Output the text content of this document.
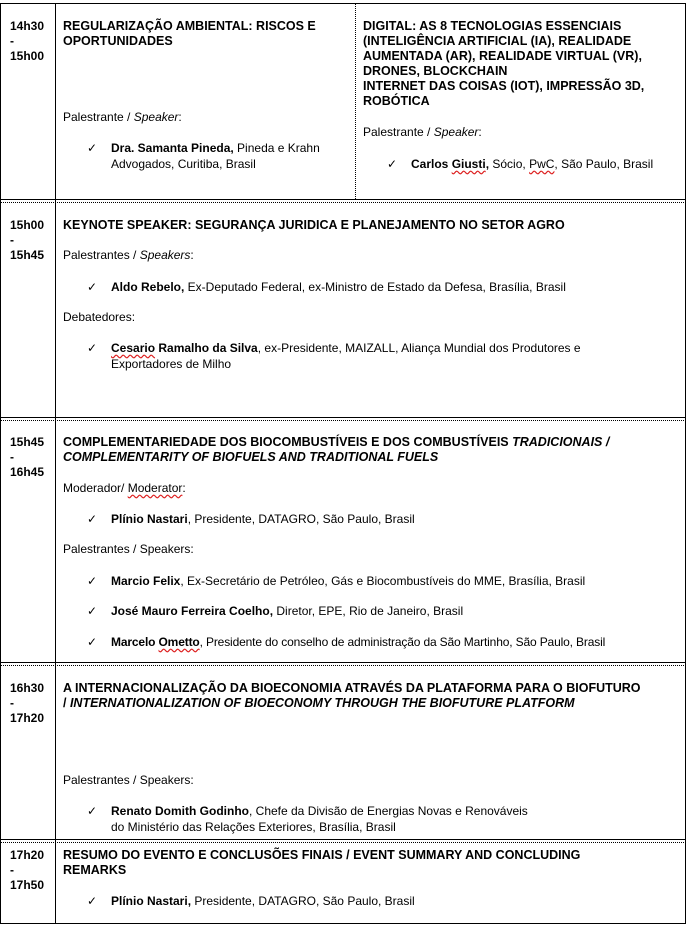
14h30
-
15h00
REGULARIZAÇÃO AMBIENTAL: RISCOS E OPORTUNIDADES
Palestrante / Speaker:
✓ Dra. Samanta Pineda, Pineda e Krahn Advogados, Curitiba, Brasil
DIGITAL: AS 8 TECNOLOGIAS ESSENCIAIS (INTELIGÊNCIA ARTIFICIAL (IA), REALIDADE AUMENTADA (AR), REALIDADE VIRTUAL (VR), DRONES, BLOCKCHAIN
INTERNET DAS COISAS (IOT), IMPRESSÃO 3D, ROBÓTICA
Palestrante / Speaker:
✓ Carlos Giusti, Sócio, PwC, São Paulo, Brasil
15h00
-
15h45
KEYNOTE SPEAKER: SEGURANÇA JURIDICA E PLANEJAMENTO NO SETOR AGRO
Palestrantes / Speakers:
✓ Aldo Rebelo, Ex-Deputado Federal, ex-Ministro de Estado da Defesa, Brasília, Brasil
Debatedores:
✓ Cesario Ramalho da Silva, ex-Presidente, MAIZALL, Aliança Mundial dos Produtores e Exportadores de Milho
15h45
-
16h45
COMPLEMENTARIEDADE DOS BIOCOMBUSTÍVEIS E DOS COMBUSTÍVEIS TRADICIONAIS / COMPLEMENTARITY OF BIOFUELS AND TRADITIONAL FUELS
Moderador/ Moderator:
✓ Plínio Nastari, Presidente, DATAGRO, São Paulo, Brasil
Palestrantes / Speakers:
✓ Marcio Felix, Ex-Secretário de Petróleo, Gás e Biocombustíveis do MME, Brasília, Brasil
✓ José Mauro Ferreira Coelho, Diretor, EPE, Rio de Janeiro, Brasil
✓ Marcelo Ometto, Presidente do conselho de administração da São Martinho, São Paulo, Brasil
16h30
-
17h20
A INTERNACIONALIZAÇÃO DA BIOECONOMIA ATRAVÉS DA PLATAFORMA PARA O BIOFUTURO / INTERNATIONALIZATION OF BIOECONOMY THROUGH THE BIOFUTURE PLATFORM
Palestrantes / Speakers:
✓ Renato Domith Godinho, Chefe da Divisão de Energias Novas e Renováveis
do Ministério das Relações Exteriores, Brasília, Brasil
17h20
-
17h50
RESUMO DO EVENTO E CONCLUSÕES FINAIS / EVENT SUMMARY AND CONCLUDING REMARKS
✓ Plínio Nastari, Presidente, DATAGRO, São Paulo, Brasil
